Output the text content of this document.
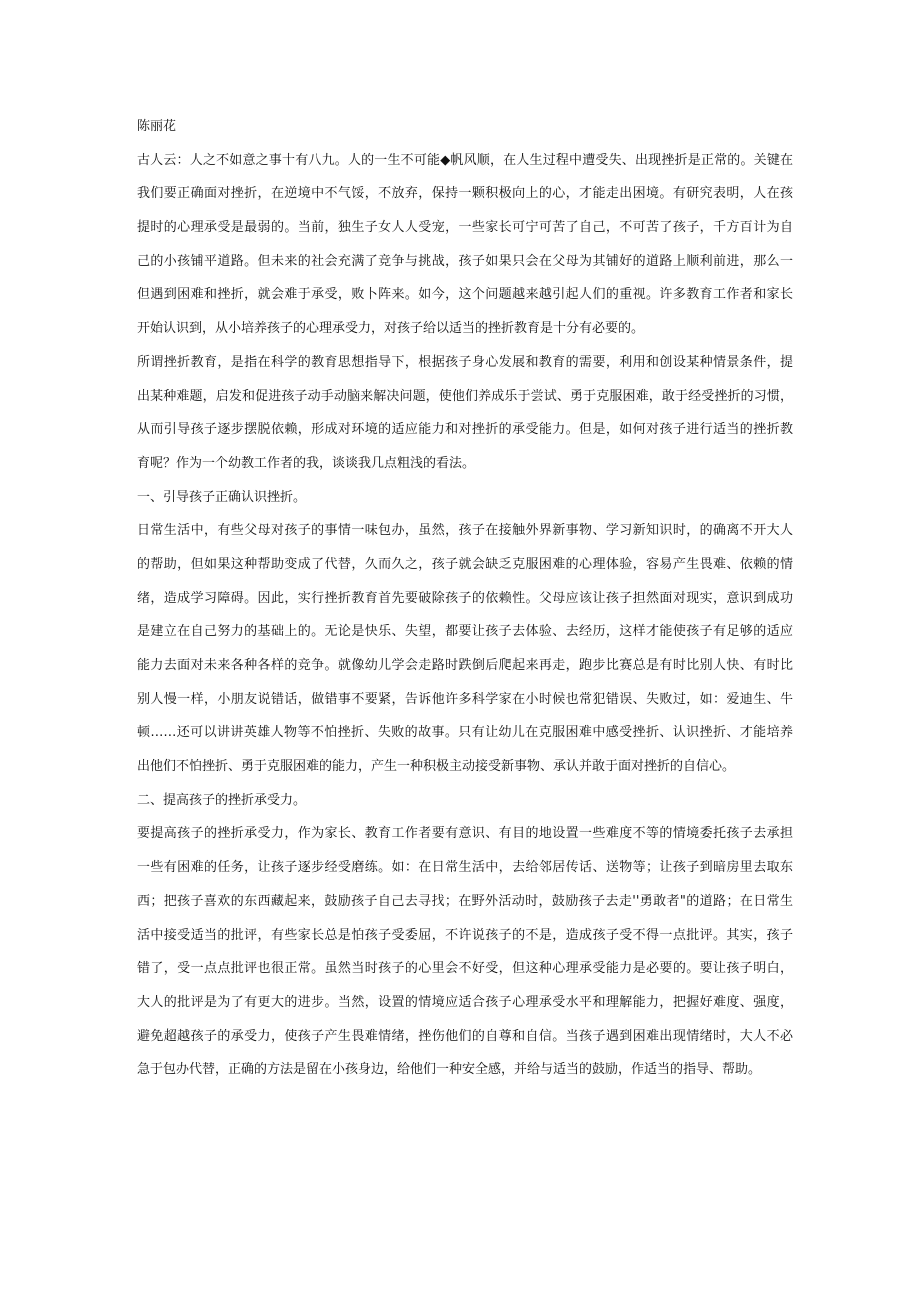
陈丽花
古人云：人之不如意之事十有八九。人的一生不可能◆帆风顺，在人生过程中遭受失、出现挫折是正常的。关键在
我们要正确面对挫折，在逆境中不气馁，不放弃，保持一颗积极向上的心，才能走出困境。有研究表明，人在孩
提时的心理承受是最弱的。当前，独生子女人人受宠，一些家长可宁可苦了自己，不可苦了孩子，千方百计为自
己的小孩铺平道路。但未来的社会充满了竞争与挑战，孩子如果只会在父母为其铺好的道路上顺利前进，那么一
但遇到困难和挫折，就会难于承受，败卜阵来。如今，这个问题越来越引起人们的重视。许多教育工作者和家长
开始认识到，从小培养孩子的心理承受力，对孩子给以适当的挫折教育是十分有必要的。
所谓挫折教育，是指在科学的教育思想指导下，根据孩子身心发展和教育的需要，利用和创设某种情景条件，提
出某种难题，启发和促进孩子动手动脑来解决问题，使他们养成乐于尝试、勇于克服困难，敢于经受挫折的习惯，
从而引导孩子逐步摆脱依赖，形成对环境的适应能力和对挫折的承受能力。但是，如何对孩子进行适当的挫折教
育呢？作为一个幼教工作者的我，谈谈我几点粗浅的看法。
一、引导孩子正确认识挫折。
日常生活中，有些父母对孩子的事情一味包办，虽然，孩子在接触外界新事物、学习新知识时，的确离不开大人
的帮助，但如果这种帮助变成了代替，久而久之，孩子就会缺乏克服困难的心理体验，容易产生畏难、依赖的情
绪，造成学习障碍。因此，实行挫折教育首先要破除孩子的依赖性。父母应该让孩子担然面对现实，意识到成功
是建立在自己努力的基础上的。无论是快乐、失望，都要让孩子去体验、去经历，这样才能使孩子有足够的适应
能力去面对未来各种各样的竞争。就像幼儿学会走路时跌倒后爬起来再走，跑步比赛总是有时比别人快、有时比
别人慢一样，小朋友说错话，做错事不要紧，告诉他许多科学家在小时候也常犯错误、失败过，如：爱迪生、牛
顿……还可以讲讲英雄人物等不怕挫折、失败的故事。只有让幼儿在克服困难中感受挫折、认识挫折、才能培养
出他们不怕挫折、勇于克服困难的能力，产生一种积极主动接受新事物、承认并敢于面对挫折的自信心。
二、提高孩子的挫折承受力。
要提高孩子的挫折承受力，作为家长、教育工作者要有意识、有目的地设置一些难度不等的情境委托孩子去承担
一些有困难的任务，让孩子逐步经受磨练。如：在日常生活中，去给邻居传话、送物等；让孩子到暗房里去取东
西；把孩子喜欢的东西藏起来，鼓励孩子自己去寻找；在野外活动时，鼓励孩子去走''勇敢者"的道路；在日常生
活中接受适当的批评，有些家长总是怕孩子受委屈，不许说孩子的不是，造成孩子受不得一点批评。其实，孩子
错了，受一点点批评也很正常。虽然当时孩子的心里会不好受，但这种心理承受能力是必要的。要让孩子明白，
大人的批评是为了有更大的进步。当然，设置的情境应适合孩子心理承受水平和理解能力，把握好难度、强度，
避免超越孩子的承受力，使孩子产生畏难情绪，挫伤他们的自尊和自信。当孩子遇到困难出现情绪时，大人不必
急于包办代替，正确的方法是留在小孩身边，给他们一种安全感，并给与适当的鼓励，作适当的指导、帮助。
